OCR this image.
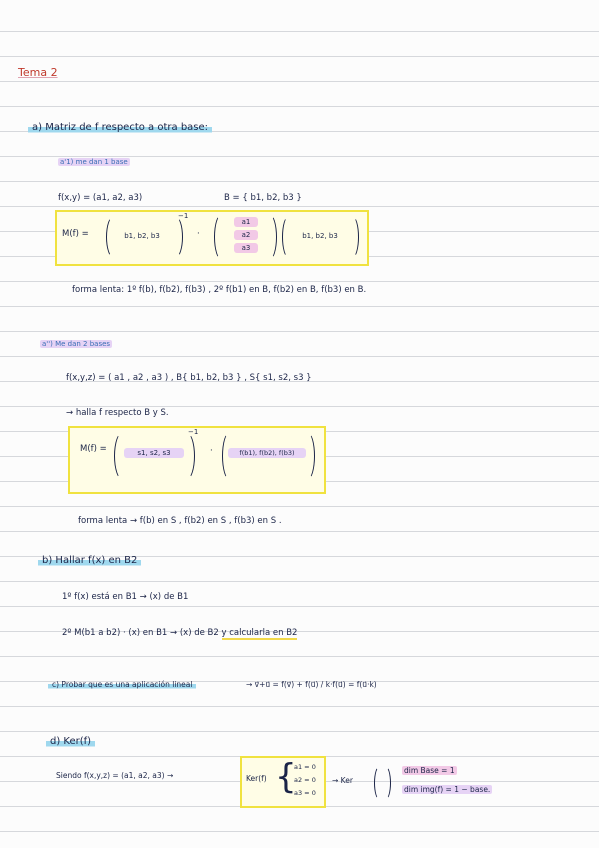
Tema 2
a) Matriz de f respecto a otra base:
a'1) me dan 1 base
f(x,y) = (a1, a2, a3)	B = { b1, b2, b3 }
M(f) =	b1, b2, b3
−1
·
a1
a2
a3
b1, b2, b3
forma lenta: 1º f(b), f(b2), f(b3) , 2º f(b1) en B, f(b2) en B, f(b3) en B.
a'') Me dan 2 bases
f(x,y,z) = ( a1 , a2 , a3 ) , B{ b1, b2, b3 } , S{ s1, s2, s3 }
→ halla f respecto B y S.
M(f) =	s1, s2, s3
−1
·	f(b1), f(b2), f(b3)
forma lenta → f(b) en S , f(b2) en S , f(b3) en S .
b) Hallar f(x) en B2
1º f(x) está en B1 → (x) de B1
2º M(b1 a b2) · (x) en B1 → (x) de B2 y calcularla en B2
c) Probar que es una aplicación lineal	→ v⃗+u⃗ = f(v⃗) + f(u⃗) / k·f(u⃗) = f(u⃗·k)
d) Ker(f)
Siendo f(x,y,z) = (a1, a2, a3) →	Ker(f) {
a1 = 0
a2 = 0
a3 = 0
→ Ker
dim Base = 1
dim img(f) = 1 − base.
